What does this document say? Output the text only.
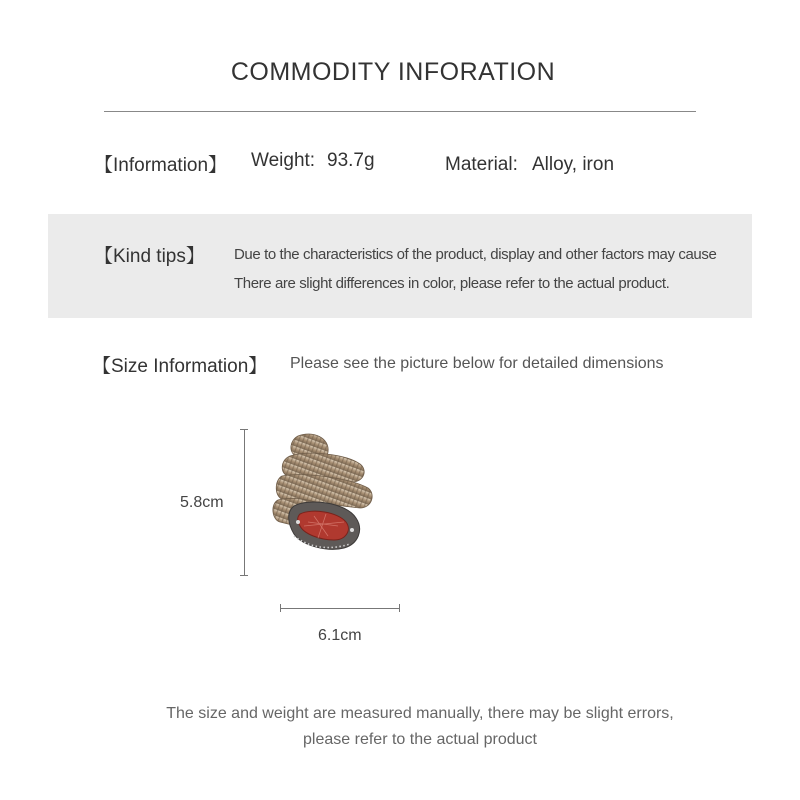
COMMODITY INFORATION
【Information】 Weight: 93.7g	Material: Alloy, iron
【Kind tips】 Due to the characteristics of the product, display and other factors may cause
There are slight differences in color, please refer to the actual product.
【Size Information】 Please see the picture below for detailed dimensions
5.8cm
6.1cm
The size and weight are measured manually, there may be slight errors,
please refer to the actual product
